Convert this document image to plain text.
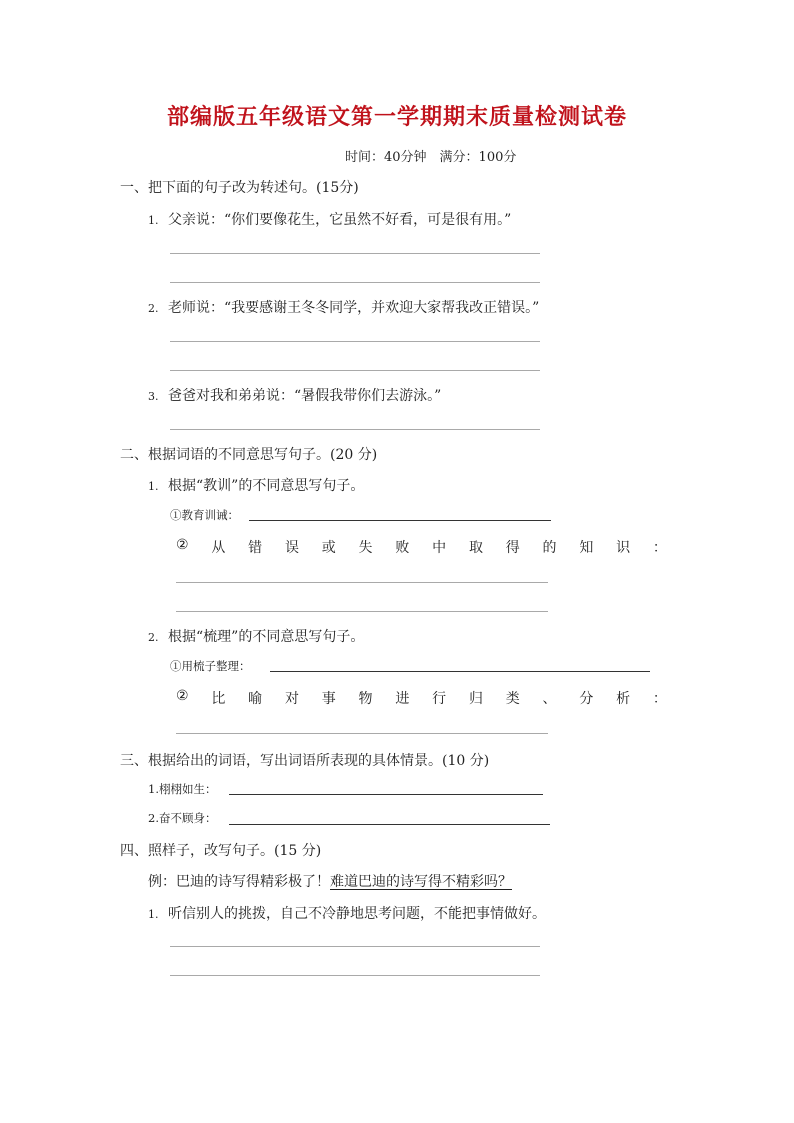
部编版五年级语文第一学期期末质量检测试卷
时间：40分钟　满分：100分
一、把下面的句子改为转述句。(15分)
1. 父亲说：“你们要像花生，它虽然不好看，可是很有用。”
2. 老师说：“我要感谢王冬冬同学，并欢迎大家帮我改正错误。”
3. 爸爸对我和弟弟说：“暑假我带你们去游泳。”
二、根据词语的不同意思写句子。(20 分)
1. 根据“教训”的不同意思写句子。
①教育训诫：
② 从 错 误 或 失 败 中 取 得 的 知 识 ：
2. 根据“梳理”的不同意思写句子。
①用梳子整理：
② 比 喻 对 事 物 进 行 归 类 、 分 析 ：
三、根据给出的词语，写出词语所表现的具体情景。(10 分)
1.栩栩如生：
2.奋不顾身：
四、照样子，改写句子。(15 分)
例：巴迪的诗写得精彩极了！难道巴迪的诗写得不精彩吗？
1. 听信别人的挑拨，自己不冷静地思考问题，不能把事情做好。
